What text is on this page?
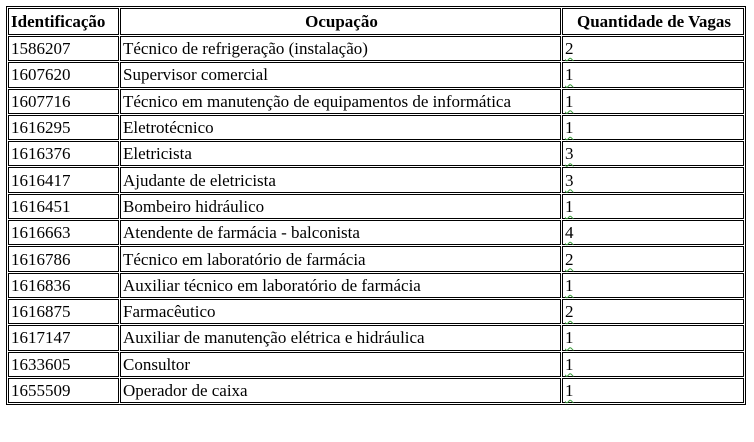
Identificação	Ocupação	Quantidade de Vagas
1586207	Técnico de refrigeração (instalação)	2
1607620	Supervisor comercial	1
1607716	Técnico em manutenção de equipamentos de informática	1
1616295	Eletrotécnico	1
1616376	Eletricista	3
1616417	Ajudante de eletricista	3
1616451	Bombeiro hidráulico	1
1616663	Atendente de farmácia - balconista	4
1616786	Técnico em laboratório de farmácia	2
1616836	Auxiliar técnico em laboratório de farmácia	1
1616875	Farmacêutico	2
1617147	Auxiliar de manutenção elétrica e hidráulica	1
1633605	Consultor	1
1655509	Operador de caixa	1
